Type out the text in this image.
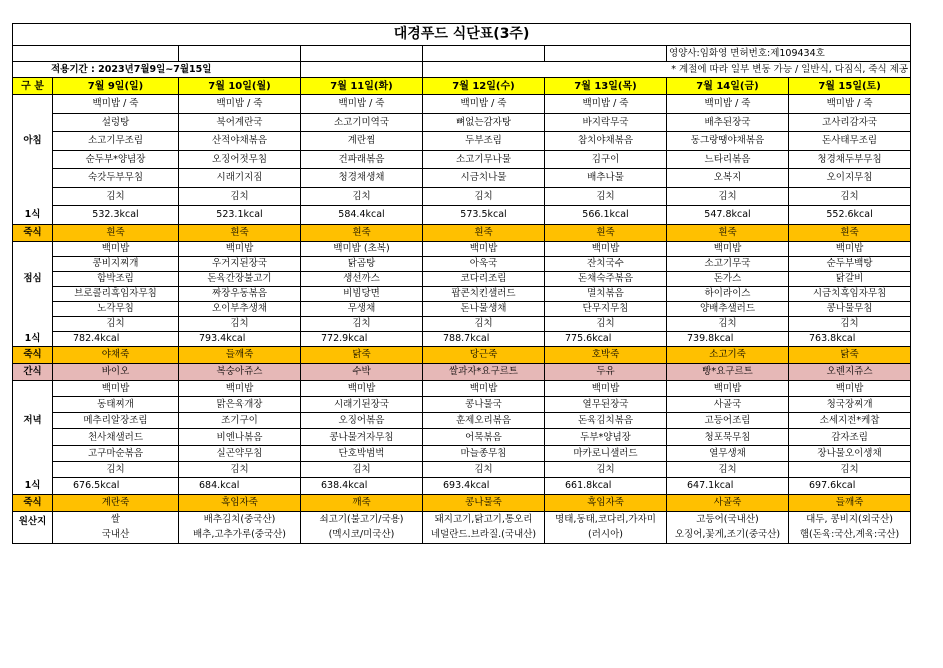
대경푸드 식단표(3주)							
						영양사:임화영 면허번호:제109434호	
적용기간 : 2023년7월9일~7월15일				* 계절에 따라 일부 변동 가능 / 일반식, 다짐식, 죽식 제공			
구 분	7월 9일(일)	7월 10일(월)	7월 11일(화)	7월 12일(수)	7월 13일(목)	7월 14일(금)	7월 15일(토)
	백미밥 / 죽	백미밥 / 죽	백미밥 / 죽	백미밥 / 죽	백미밥 / 죽	백미밥 / 죽	백미밥 / 죽
	설렁탕	북어계란국	소고기미역국	뼈없는감자탕	바지락무국	배추된장국	고사리감자국
아침	소고기무조림	산적야채볶음	계란찜	두부조림	참치야채볶음	동그랑땡야채볶음	돈사태무조림
	순두부*양념장	오징어젓무침	건파래볶음	소고기무나물	김구이	느타리볶음	청경채두부무침
	숙갓두부무침	시래기지짐	청경채생채	시금치나물	배추나물	오복지	오이지무침
	김치	김치	김치	김치	김치	김치	김치
1식	532.3kcal	523.1kcal	584.4kcal	573.5kcal	566.1kcal	547.8kcal	552.6kcal
죽식	흰죽	흰죽	흰죽	흰죽	흰죽	흰죽	흰죽
	백미밥	백미밥	백미밥 (초복)	백미밥	백미밥	백미밥	백미밥
	콩비지찌개	우거지된장국	닭곰탕	아욱국	잔치국수	소고기무국	순두부백탕
점심	함박조림	돈육간장불고기	생선까스	코다리조림	돈채숙주볶음	돈가스	닭갈비
	브로콜리흑임자무침	짜장우동볶음	비빔당면	팝콘치킨샐러드	멸치볶음	하이라이스	시금치흑임자무침
	노각무침	오이부추생채	무생채	돈나물생채	단무지무침	양배추샐러드	콩나물무침
	김치	김치	김치	김치	김치	김치	김치
1식	782.4kcal	793.4kcal	772.9kcal	788.7kcal	775.6kcal	739.8kcal	763.8kcal
죽식	야채죽	들깨죽	닭죽	당근죽	호박죽	소고기죽	닭죽
간식	바이오	복숭아쥬스	수박	쌀과자*요구르트	두유	빵*요구르트	오렌지쥬스
	백미밥	백미밥	백미밥	백미밥	백미밥	백미밥	백미밥
	동태찌개	맑은육개장	시래기된장국	콩나물국	열무된장국	사골국	청국장찌개
저녁	메추리알장조림	조기구이	오징어볶음	훈제오리볶음	돈육김치볶음	고등어조림	소세지전*케찹
	천사채샐러드	비엔나볶음	콩나물겨자무침	어묵볶음	두부*양념장	청포묵무침	감자조림
	고구마순볶음	실곤약무침	단호박범벅	마늘종무침	마카로니샐러드	열무생채	장나물오이생채
	김치	김치	김치	김치	김치	김치	김치
1식	676.5kcal	684.kcal	638.4kcal	693.4kcal	661.8kcal	647.1kcal	697.6kcal
죽식	계란죽	흑임자죽	깨죽	콩나물죽	흑임자죽	사골죽	들깨죽
원산지	쌀	배추김치(중국산)	쇠고기(불고기/국용)	돼지고기,닭고기,통오리	명태,동태,코다리,가자미	고등어(국내산)	대두, 콩비지(외국산)
	국내산	배추,고추가루(중국산)	(멕시코/미국산)	네덜란드.브라질.(국내산)	(러시아)	오징어,꽃게,조기(중국산)	햄(돈육:국산,계육:국산)
